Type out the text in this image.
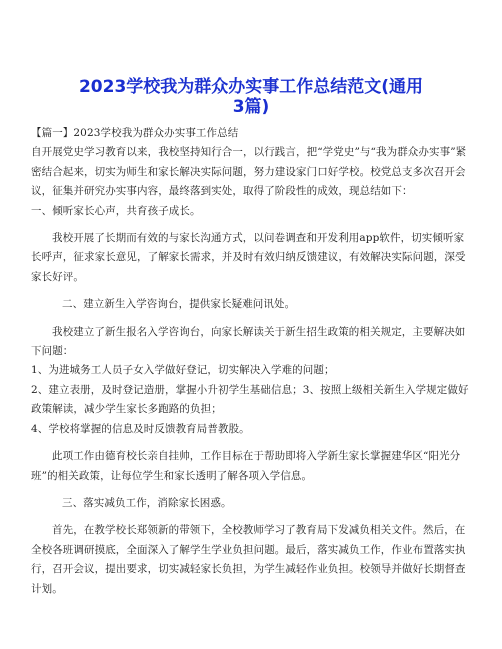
2023学校我为群众办实事工作总结范文(通用
3篇)

【篇一】2023学校我为群众办实事工作总结

自开展党史学习教育以来，我校坚持知行合一，以行践言，把“学党史”与“我为群众办实事”紧密结合起来，切实为师生和家长解决实际问题，努力建设家门口好学校。校党总支多次召开会议，征集并研究办实事内容，最终落到实处，取得了阶段性的成效，现总结如下：

一、倾听家长心声，共育孩子成长。

我校开展了长期而有效的与家长沟通方式，以问卷调查和开发利用app软件，切实倾听家长呼声，征求家长意见，了解家长需求，并及时有效归纳反馈建议，有效解决实际问题，深受家长好评。

二、建立新生入学咨询台，提供家长疑难问讯处。

我校建立了新生报名入学咨询台，向家长解读关于新生招生政策的相关规定，主要解决如下问题：

1、为进城务工人员子女入学做好登记，切实解决入学难的问题；

2、建立表册，及时登记造册，掌握小升初学生基础信息；3、按照上级相关新生入学规定做好政策解读，减少学生家长多跑路的负担；

4、学校将掌握的信息及时反馈教育局普教股。

此项工作由德育校长亲自挂帅，工作目标在于帮助即将入学新生家长掌握建华区“阳光分班”的相关政策，让每位学生和家长透明了解各项入学信息。

三、落实减负工作，消除家长困惑。

首先，在教学校长郑领新的带领下，全校教师学习了教育局下发减负相关文件。然后，在全校各班调研摸底，全面深入了解学生学业负担问题。最后，落实减负工作，作业布置落实执行，召开会议，提出要求，切实减轻家长负担，为学生减轻作业负担。校领导并做好长期督查计划。
